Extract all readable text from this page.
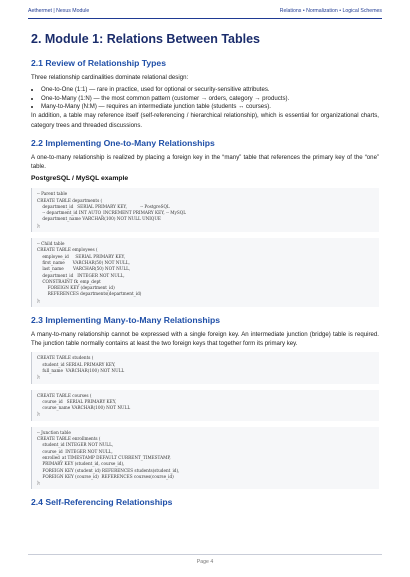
Aethermet | Nexus Module	Relations • Normalization • Logical Schemes
2. Module 1: Relations Between Tables
2.1 Review of Relationship Types

Three relationship cardinalities dominate relational design:

• One-to-One (1:1) — rare in practice, used for optional or security-sensitive attributes.
• One-to-Many (1:N) — the most common pattern (customer → orders, category → products).
• Many-to-Many (N:M) — requires an intermediate junction table (students ↔ courses).

In addition, a table may reference itself (self-referencing / hierarchical relationship), which is essential for organizational charts, category trees and threaded discussions.

2.2 Implementing One-to-Many Relationships

A one-to-many relationship is realized by placing a foreign key in the “many” table that references the primary key of the “one” table.

PostgreSQL / MySQL example
-- Parent table
CREATE TABLE departments (
department_id   SERIAL PRIMARY KEY,          -- PostgreSQL
-- department_id INT AUTO_INCREMENT PRIMARY KEY, -- MySQL
department_name VARCHAR(100) NOT NULL UNIQUE
);
-- Child table
CREATE TABLE employees (
employee_id     SERIAL PRIMARY KEY,
first_name      VARCHAR(50) NOT NULL,
last_name       VARCHAR(50) NOT NULL,
department_id   INTEGER NOT NULL,
CONSTRAINT fk_emp_dept
FOREIGN KEY (department_id)
REFERENCES departments(department_id)
);
2.3 Implementing Many-to-Many Relationships

A many-to-many relationship cannot be expressed with a single foreign key. An intermediate junction (bridge) table is required. The junction table normally contains at least the two foreign keys that together form its primary key.

CREATE TABLE students (
student_id SERIAL PRIMARY KEY,
full_name  VARCHAR(100) NOT NULL
);
CREATE TABLE courses (
course_id   SERIAL PRIMARY KEY,
course_name VARCHAR(100) NOT NULL
);
-- Junction table
CREATE TABLE enrollments (
student_id INTEGER NOT NULL,
course_id  INTEGER NOT NULL,
enrolled_at TIMESTAMP DEFAULT CURRENT_TIMESTAMP,
PRIMARY KEY (student_id, course_id),
FOREIGN KEY (student_id) REFERENCES students(student_id),
FOREIGN KEY (course_id)  REFERENCES courses(course_id)
);
2.4 Self-Referencing Relationships
Page 4
